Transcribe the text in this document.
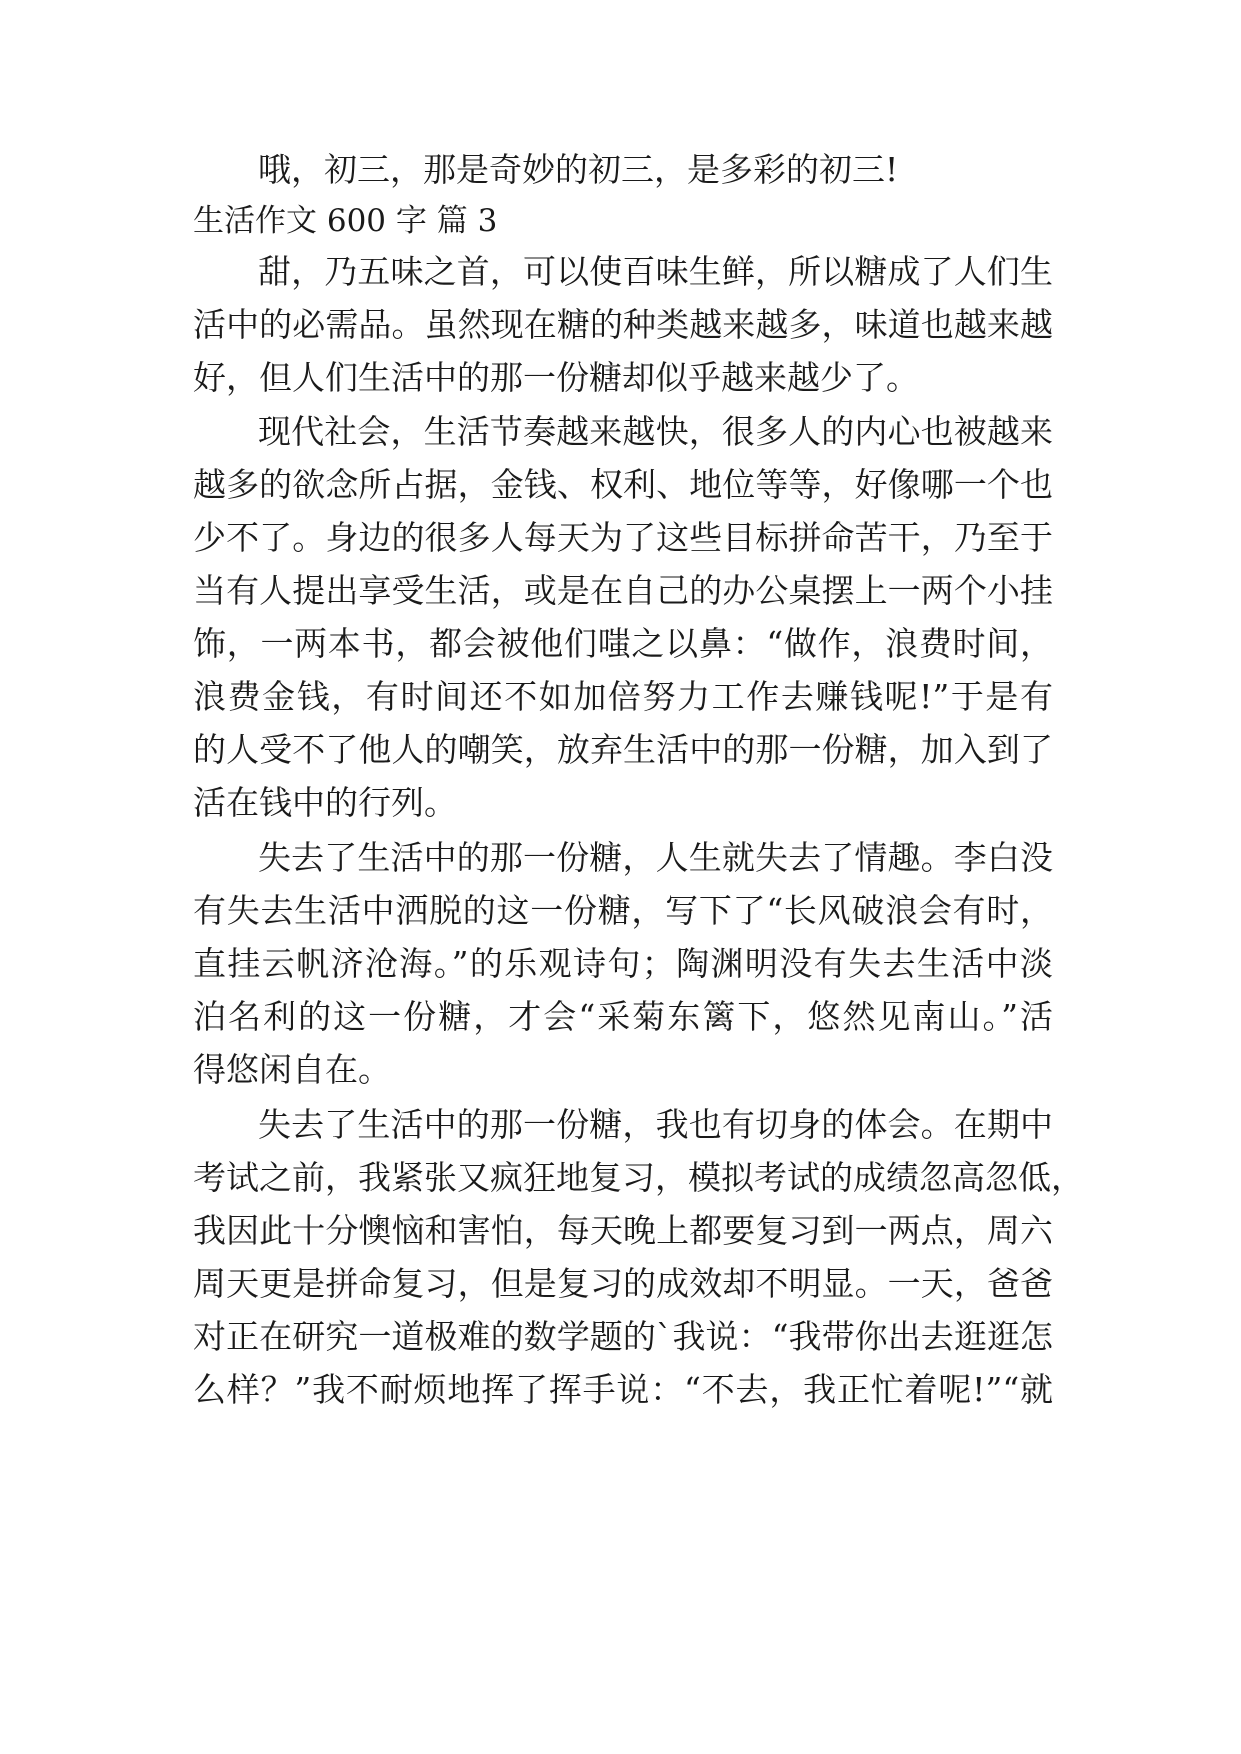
哦，初三，那是奇妙的初三，是多彩的初三!
生活作文 600 字 篇 3
甜，乃五味之首，可以使百味生鲜，所以糖成了人们生
活中的必需品。虽然现在糖的种类越来越多，味道也越来越
好，但人们生活中的那一份糖却似乎越来越少了。
现代社会，生活节奏越来越快，很多人的内心也被越来
越多的欲念所占据，金钱、权利、地位等等，好像哪一个也
少不了。身边的很多人每天为了这些目标拼命苦干，乃至于
当有人提出享受生活，或是在自己的办公桌摆上一两个小挂
饰，一两本书，都会被他们嗤之以鼻：“做作，浪费时间，
浪费金钱，有时间还不如加倍努力工作去赚钱呢!”于是有
的人受不了他人的嘲笑，放弃生活中的那一份糖，加入到了
活在钱中的行列。
失去了生活中的那一份糖，人生就失去了情趣。李白没
有失去生活中洒脱的这一份糖，写下了“长风破浪会有时，
直挂云帆济沧海。”的乐观诗句；陶渊明没有失去生活中淡
泊名利的这一份糖，才会“采菊东篱下，悠然见南山。”活
得悠闲自在。
失去了生活中的那一份糖，我也有切身的体会。在期中
考试之前，我紧张又疯狂地复习，模拟考试的成绩忽高忽低，
我因此十分懊恼和害怕，每天晚上都要复习到一两点，周六
周天更是拼命复习，但是复习的成效却不明显。一天，爸爸
对正在研究一道极难的数学题的`我说：“我带你出去逛逛怎
么样？”我不耐烦地挥了挥手说：“不去，我正忙着呢!”“就
